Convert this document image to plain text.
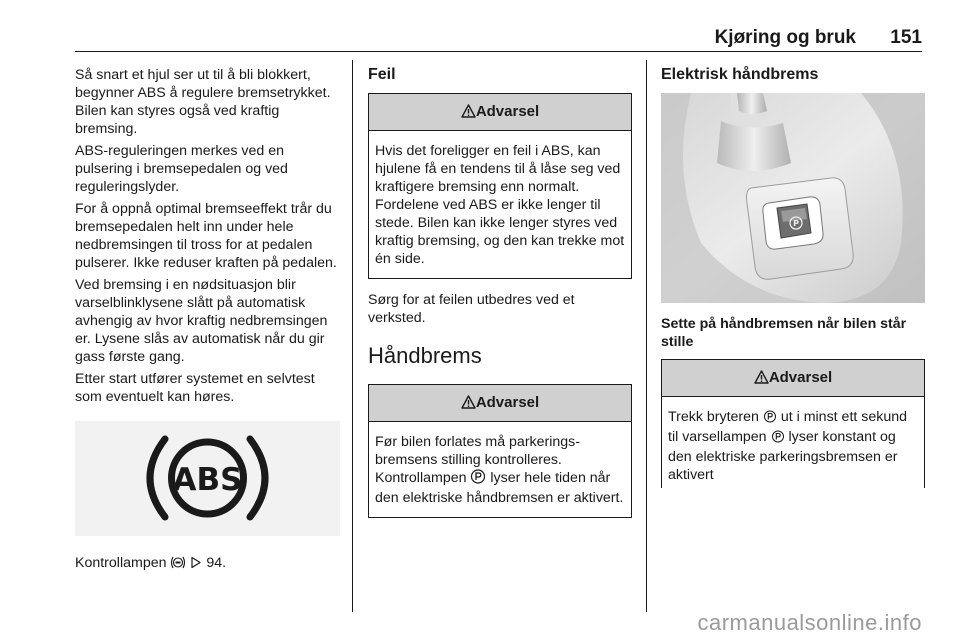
Kjøring og bruk 151

Så snart et hjul ser ut til å bli blokkert, begynner ABS å regulere bremsetrykket. Bilen kan styres også ved kraftig bremsing.

ABS-reguleringen merkes ved en pulsering i bremsepedalen og ved reguleringslyder.

For å oppnå optimal bremseeffekt trår du bremsepedalen helt inn under hele nedbremsingen til tross for at pedalen pulserer. Ikke reduser kraften på pedalen.

Ved bremsing i en nødsituasjon blir varselblinklysene slått på automatisk avhengig av hvor kraftig nedbremsingen er. Lysene slås av automatisk når du gir gass første gang.

Etter start utfører systemet en selvtest som eventuelt kan høres.

ABS

Kontrollampen	94.

Feil
Advarsel
Hvis det foreligger en feil i ABS, kan hjulene få en tendens til å låse seg ved kraftigere bremsing enn normalt. Fordelene ved ABS er ikke lenger til stede. Bilen kan ikke lenger styres ved kraftig bremsing, og den kan trekke mot én side.

Sørg for at feilen utbedres ved et verksted.

Håndbrems
Advarsel
Før bilen forlates må parkeringsbremsens stilling kontrolleres. Kontrollampen lyser hele tiden når den elektriske håndbremsen er aktivert.
Elektrisk håndbrems
P
Sette på håndbremsen når bilen står stille
Advarsel
Trekk bryteren ut i minst ett sekund til varsellampen lyser konstant og den elektriske parkeringsbremsen er aktivert
carmanualsonline.info
